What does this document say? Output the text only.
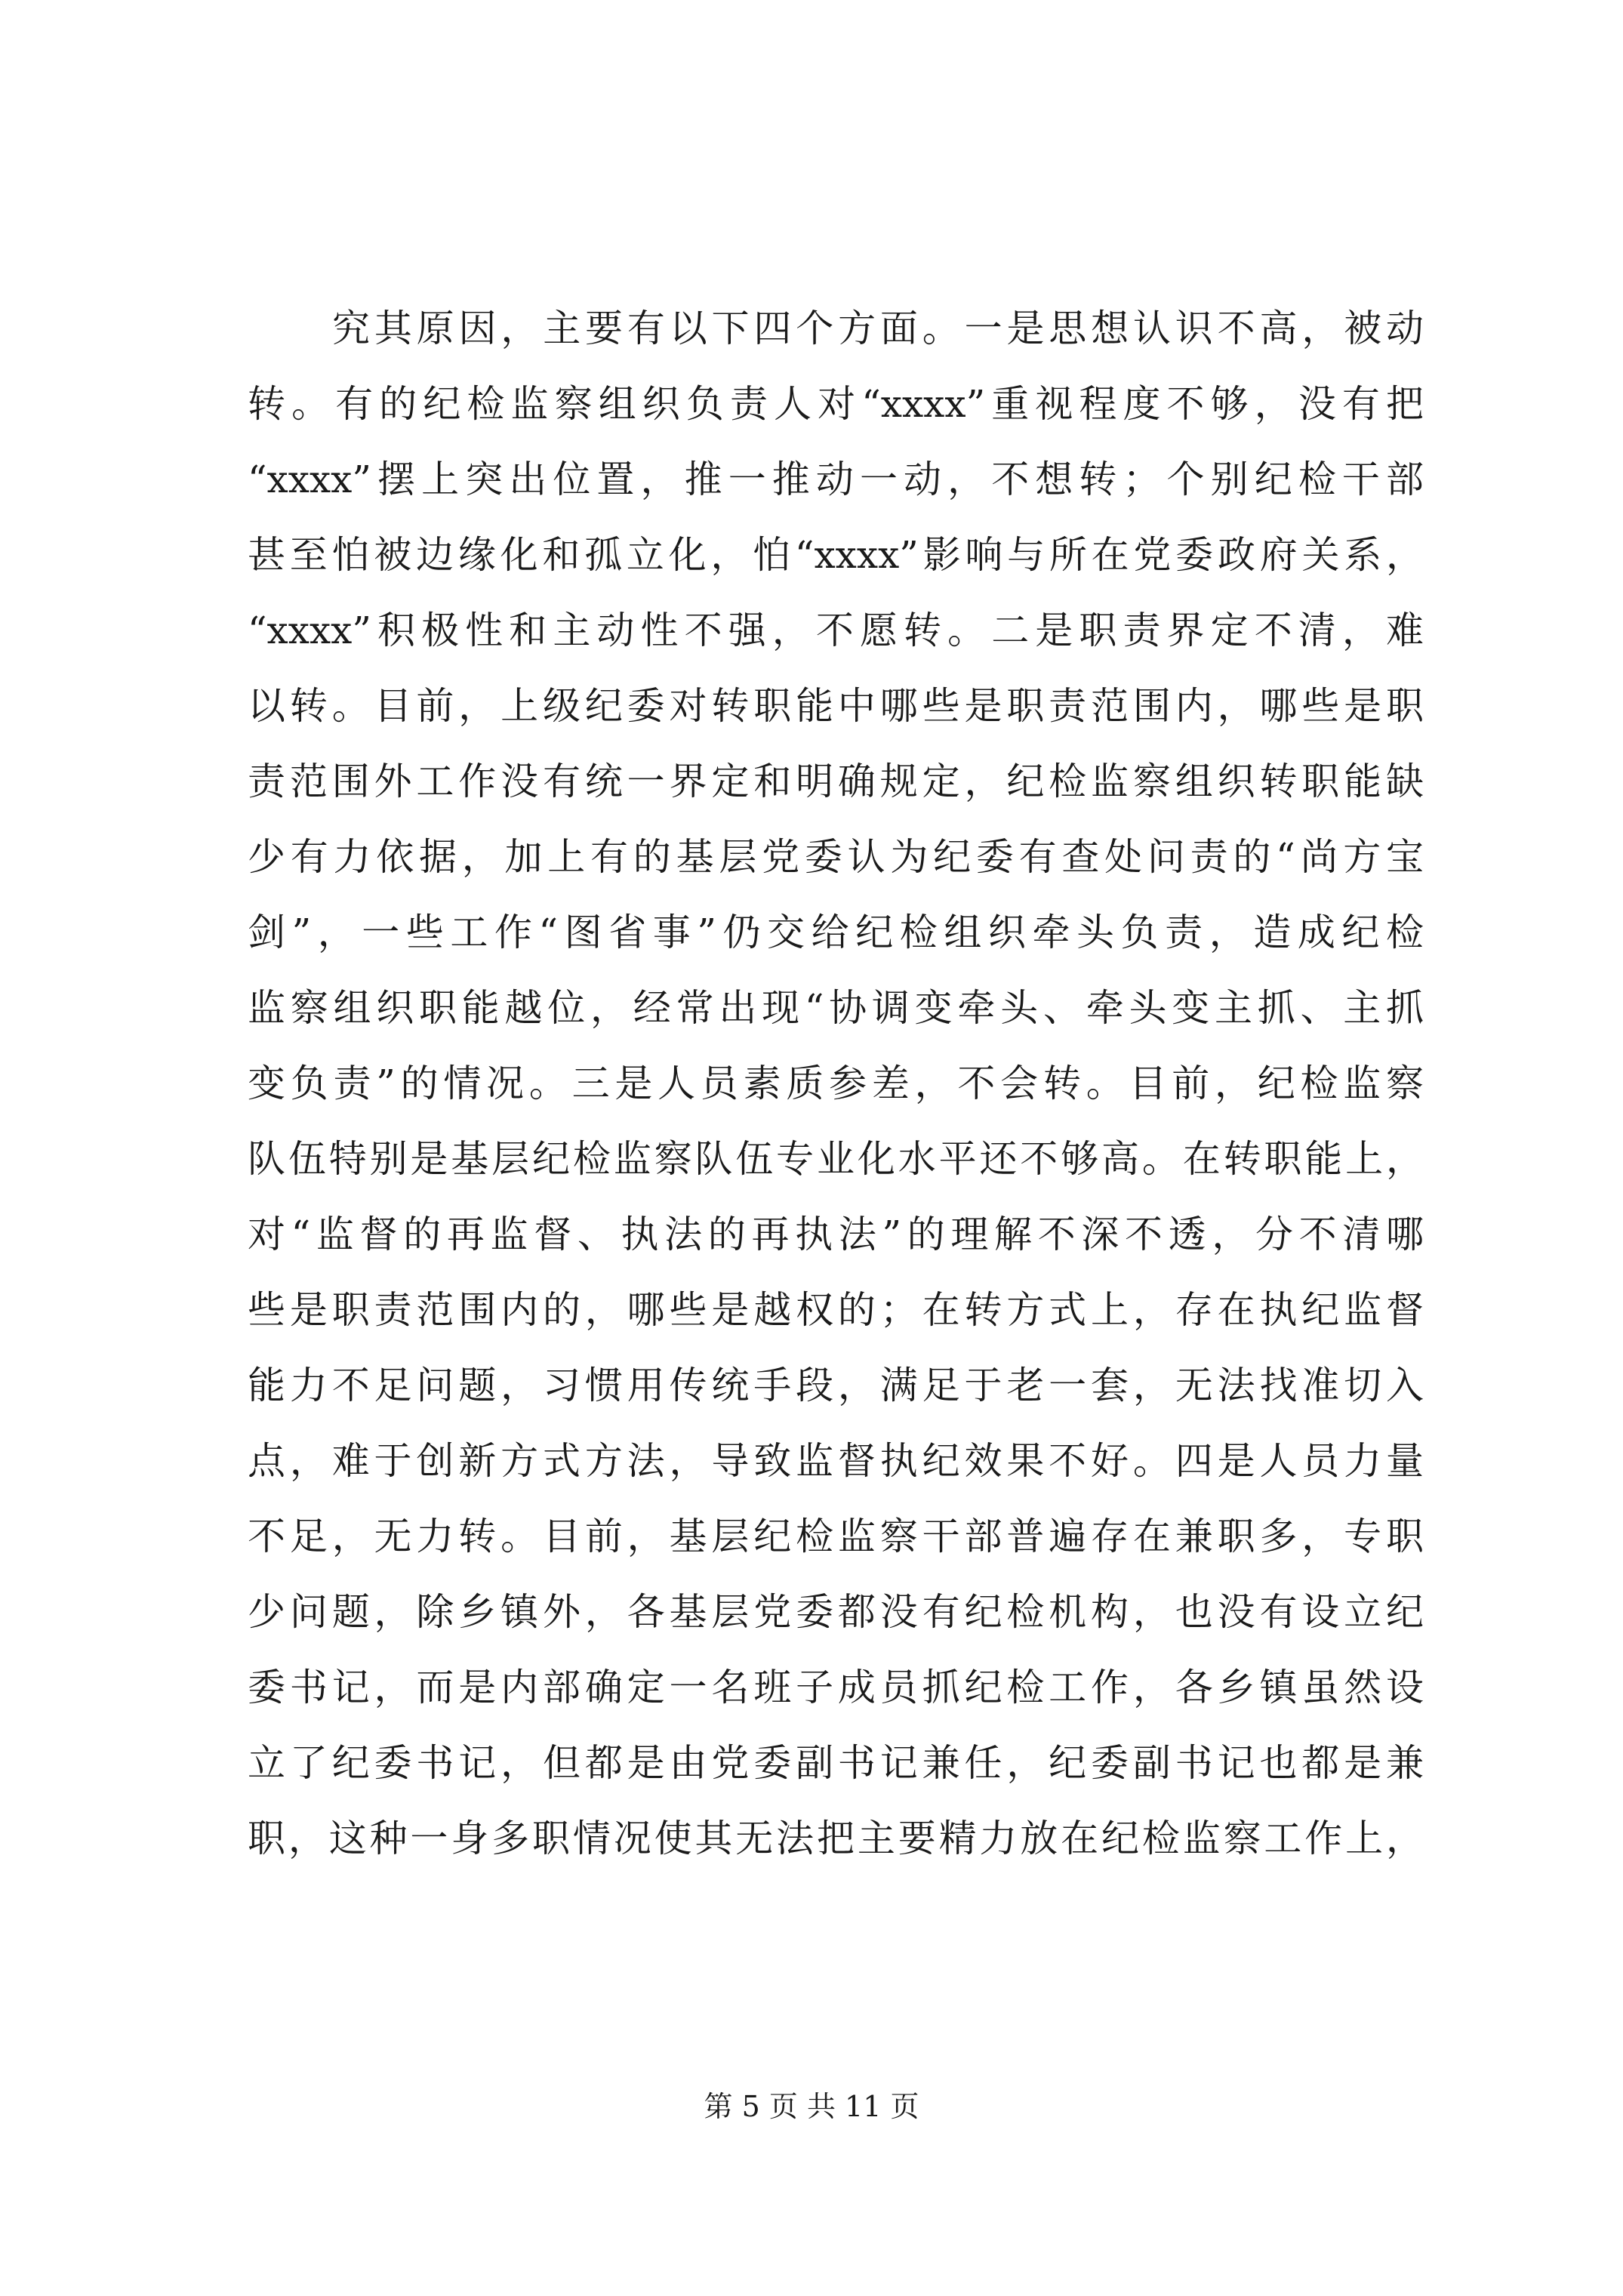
究其原因，主要有以下四个方面。一是思想认识不高，被动
转。有的纪检监察组织负责人对“xxxx”重视程度不够，没有把
“xxxx”摆上突出位置，推一推动一动，不想转；个别纪检干部
甚至怕被边缘化和孤立化，怕“xxxx”影响与所在党委政府关系，
“xxxx”积极性和主动性不强，不愿转。二是职责界定不清，难
以转。目前，上级纪委对转职能中哪些是职责范围内，哪些是职
责范围外工作没有统一界定和明确规定，纪检监察组织转职能缺
少有力依据，加上有的基层党委认为纪委有查处问责的“尚方宝
剑”，一些工作“图省事”仍交给纪检组织牵头负责，造成纪检
监察组织职能越位，经常出现“协调变牵头、牵头变主抓、主抓
变负责”的情况。三是人员素质参差，不会转。目前，纪检监察
队伍特别是基层纪检监察队伍专业化水平还不够高。在转职能上，
对“监督的再监督、执法的再执法”的理解不深不透，分不清哪
些是职责范围内的，哪些是越权的；在转方式上，存在执纪监督
能力不足问题，习惯用传统手段，满足于老一套，无法找准切入
点，难于创新方式方法，导致监督执纪效果不好。四是人员力量
不足，无力转。目前，基层纪检监察干部普遍存在兼职多，专职
少问题，除乡镇外，各基层党委都没有纪检机构，也没有设立纪
委书记，而是内部确定一名班子成员抓纪检工作，各乡镇虽然设
立了纪委书记，但都是由党委副书记兼任，纪委副书记也都是兼
职，这种一身多职情况使其无法把主要精力放在纪检监察工作上，
第 5 页 共 11 页
